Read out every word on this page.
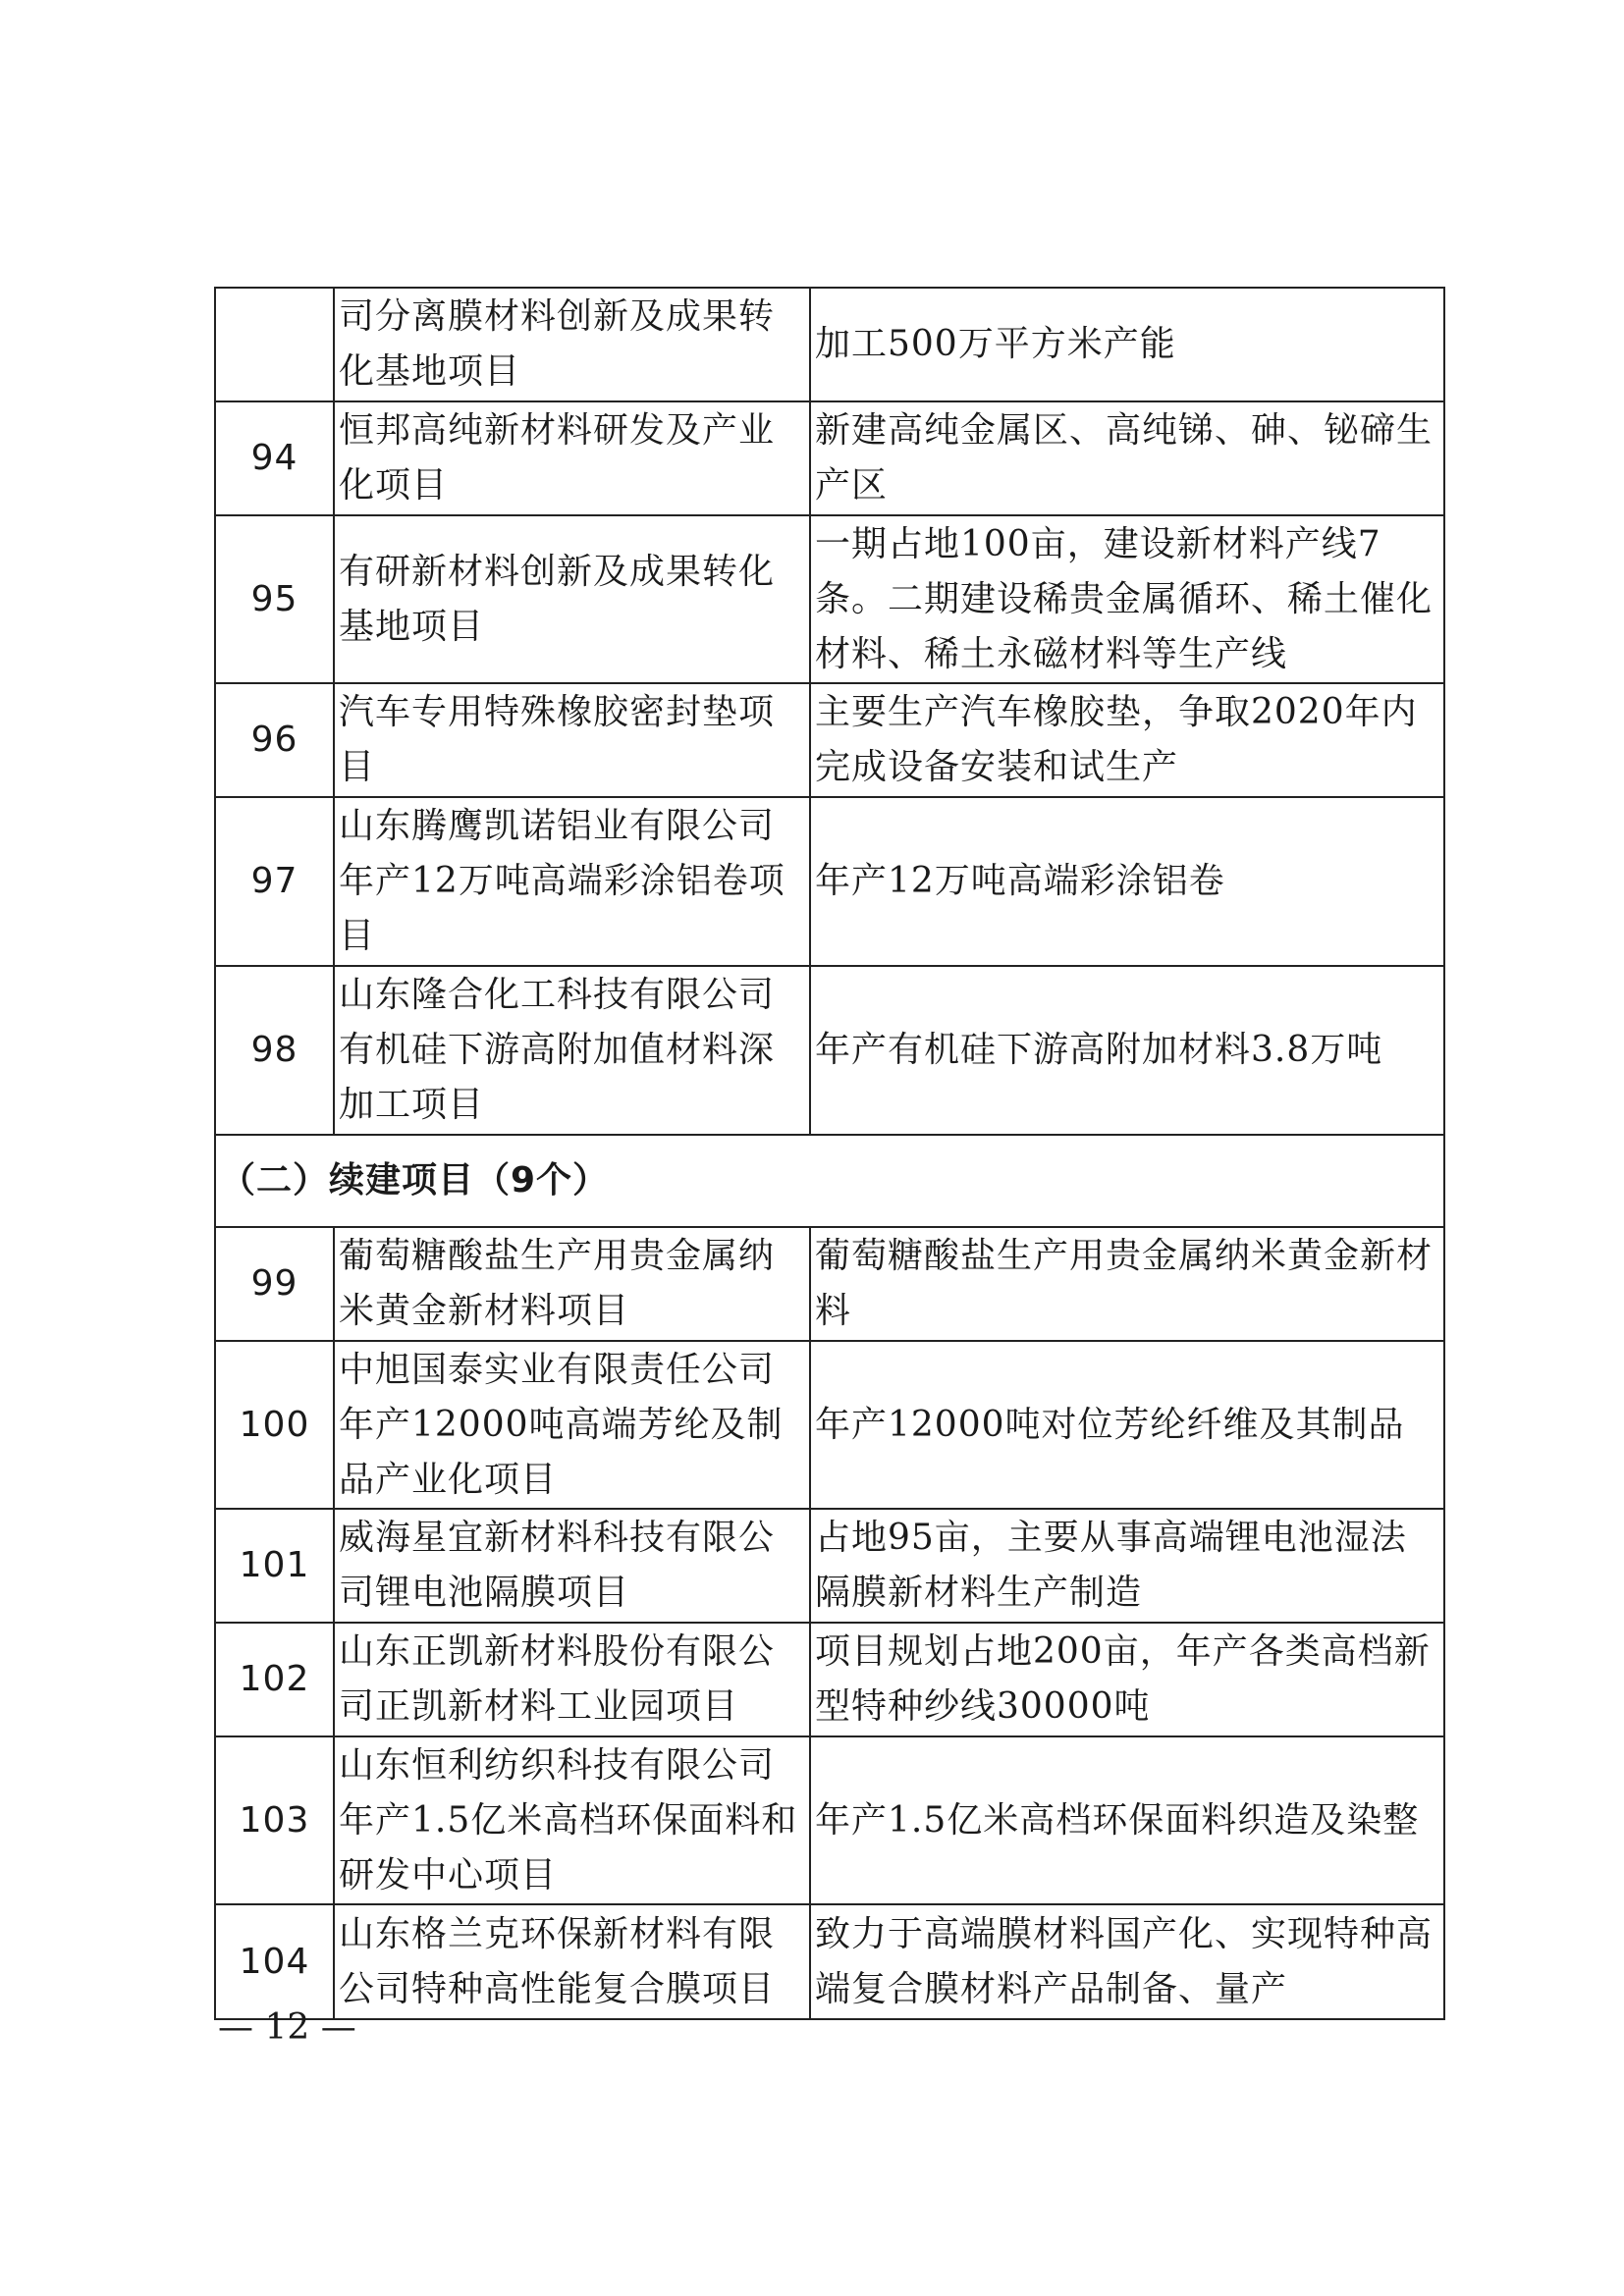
	司分离膜材料创新及成果转化基地项目	加工500万平方米产能
94	恒邦高纯新材料研发及产业化项目	新建高纯金属区、高纯锑、砷、铋碲生产区
95	有研新材料创新及成果转化基地项目	一期占地100亩，建设新材料产线7条。二期建设稀贵金属循环、稀土催化材料、稀土永磁材料等生产线
96	汽车专用特殊橡胶密封垫项目	主要生产汽车橡胶垫，争取2020年内完成设备安装和试生产
97	山东腾鹰凯诺铝业有限公司年产12万吨高端彩涂铝卷项目	年产12万吨高端彩涂铝卷
98	山东隆合化工科技有限公司有机硅下游高附加值材料深加工项目	年产有机硅下游高附加材料3.8万吨
（二）续建项目（9个）		
99	葡萄糖酸盐生产用贵金属纳米黄金新材料项目	葡萄糖酸盐生产用贵金属纳米黄金新材料
100	中旭国泰实业有限责任公司年产12000吨高端芳纶及制品产业化项目	年产12000吨对位芳纶纤维及其制品
101	威海星宜新材料科技有限公司锂电池隔膜项目	占地95亩，主要从事高端锂电池湿法隔膜新材料生产制造
102	山东正凯新材料股份有限公司正凯新材料工业园项目	项目规划占地200亩，年产各类高档新型特种纱线30000吨
103	山东恒利纺织科技有限公司年产1.5亿米高档环保面料和研发中心项目	年产1.5亿米高档环保面料织造及染整
104	山东格兰克环保新材料有限公司特种高性能复合膜项目	致力于高端膜材料国产化、实现特种高端复合膜材料产品制备、量产
— 12 —
